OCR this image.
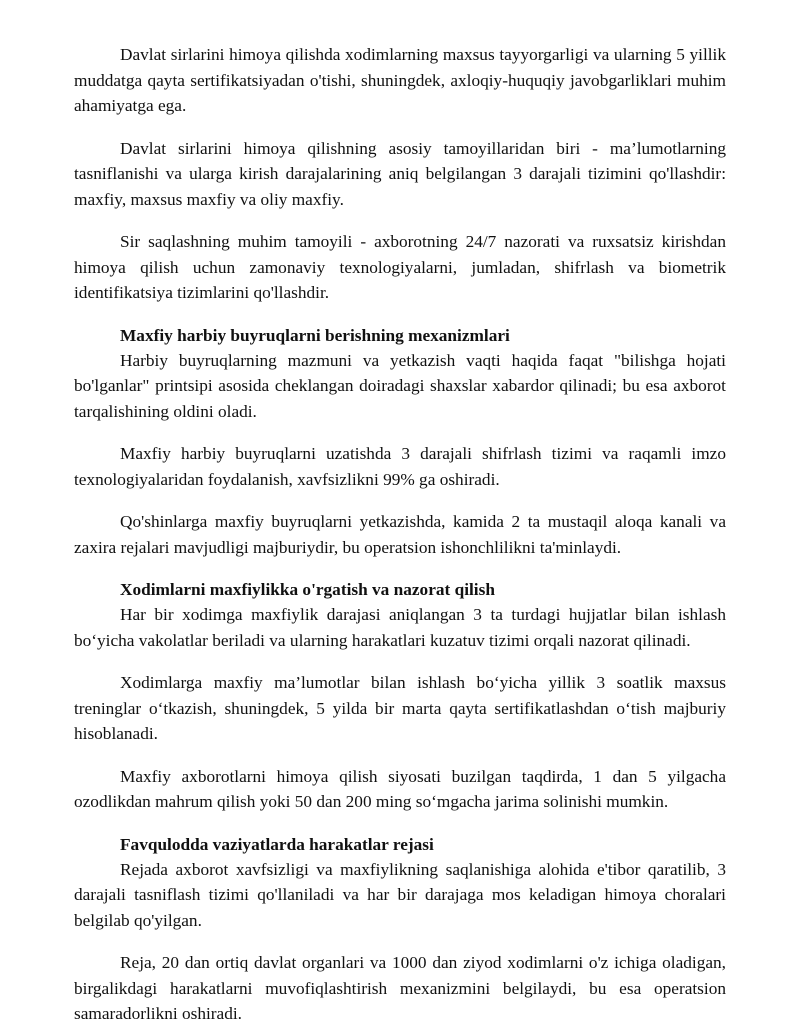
Davlat sirlarini himoya qilishda xodimlarning maxsus tayyorgarligi va ularning 5 yillik muddatga qayta sertifikatsiyadan o'tishi, shuningdek, axloqiy-huquqiy javobgarliklari muhim ahamiyatga ega.

Davlat sirlarini himoya qilishning asosiy tamoyillaridan biri - ma’lumotlarning tasniflanishi va ularga kirish darajalarining aniq belgilangan 3 darajali tizimini qo'llashdir: maxfiy, maxsus maxfiy va oliy maxfiy.

Sir saqlashning muhim tamoyili - axborotning 24/7 nazorati va ruxsatsiz kirishdan himoya qilish uchun zamonaviy texnologiyalarni, jumladan, shifrlash va biometrik identifikatsiya tizimlarini qo'llashdir.

Maxfiy harbiy buyruqlarni berishning mexanizmlari

Harbiy buyruqlarning mazmuni va yetkazish vaqti haqida faqat "bilishga hojati bo'lganlar" printsipi asosida cheklangan doiradagi shaxslar xabardor qilinadi; bu esa axborot tarqalishining oldini oladi.

Maxfiy harbiy buyruqlarni uzatishda 3 darajali shifrlash tizimi va raqamli imzo texnologiyalaridan foydalanish, xavfsizlikni 99% ga oshiradi.

Qo'shinlarga maxfiy buyruqlarni yetkazishda, kamida 2 ta mustaqil aloqa kanali va zaxira rejalari mavjudligi majburiydir, bu operatsion ishonchlilikni ta'minlaydi.

Xodimlarni maxfiylikka o'rgatish va nazorat qilish

Har bir xodimga maxfiylik darajasi aniqlangan 3 ta turdagi hujjatlar bilan ishlash bo‘yicha vakolatlar beriladi va ularning harakatlari kuzatuv tizimi orqali nazorat qilinadi.

Xodimlarga maxfiy ma’lumotlar bilan ishlash bo‘yicha yillik 3 soatlik maxsus treninglar o‘tkazish, shuningdek, 5 yilda bir marta qayta sertifikatlashdan o‘tish majburiy hisoblanadi.

Maxfiy axborotlarni himoya qilish siyosati buzilgan taqdirda, 1 dan 5 yilgacha ozodlikdan mahrum qilish yoki 50 dan 200 ming so‘mgacha jarima solinishi mumkin.

Favqulodda vaziyatlarda harakatlar rejasi

Rejada axborot xavfsizligi va maxfiylikning saqlanishiga alohida e'tibor qaratilib, 3 darajali tasniflash tizimi qo'llaniladi va har bir darajaga mos keladigan himoya choralari belgilab qo'yilgan.

Reja, 20 dan ortiq davlat organlari va 1000 dan ziyod xodimlarni o'z ichiga oladigan, birgalikdagi harakatlarni muvofiqlashtirish mexanizmini belgilaydi, bu esa operatsion samaradorlikni oshiradi.
